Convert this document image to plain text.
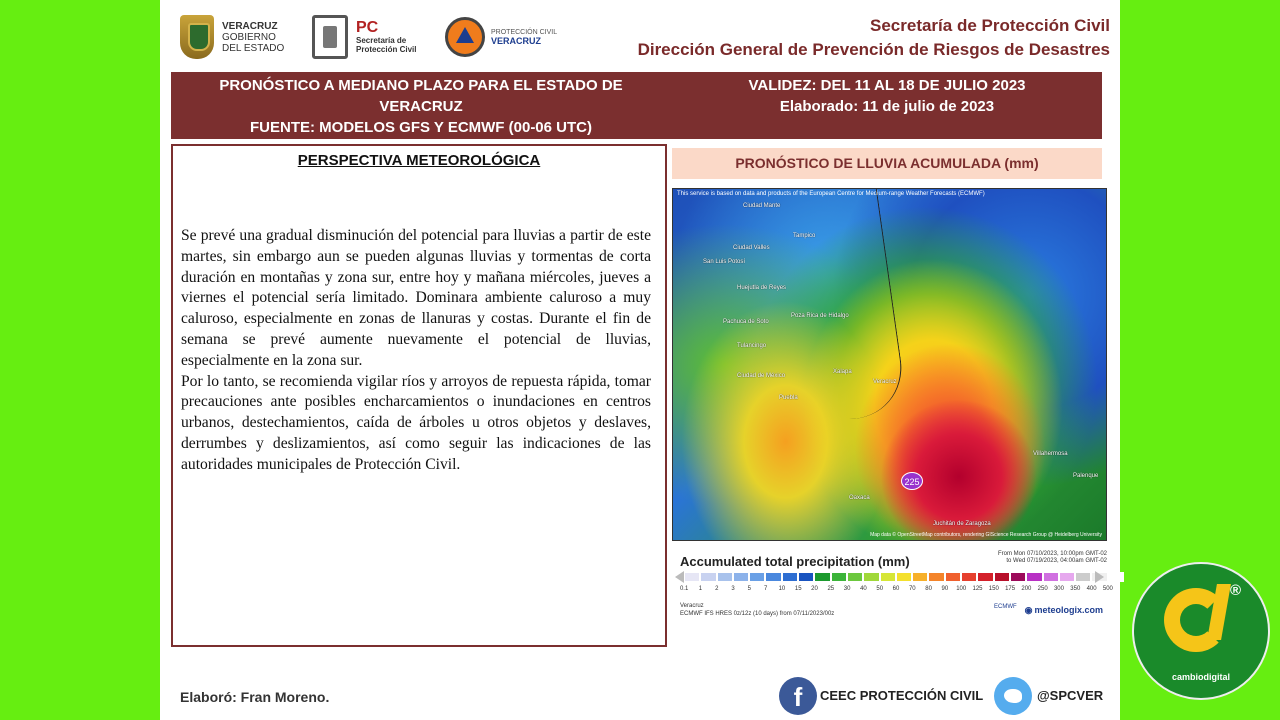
VERACRUZ
GOBIERNO
DEL ESTADO
PC
Secretaría de
Protección Civil
PROTECCIÓN CIVIL
VERACRUZ
Secretaría de Protección Civil
Dirección General de Prevención de Riesgos de Desastres
PRONÓSTICO A MEDIANO PLAZO PARA EL ESTADO DE
VERACRUZ
FUENTE: MODELOS GFS Y ECMWF (00-06 UTC)
VALIDEZ: DEL 11 AL 18 DE JULIO 2023
Elaborado: 11 de julio de 2023
PERSPECTIVA METEOROLÓGICA

Se prevé una gradual disminución del potencial para lluvias a partir de este martes, sin embargo aun se pueden algunas lluvias y tormentas de corta duración en montañas y zona sur, entre hoy y mañana miércoles, jueves a viernes el potencial sería limitado. Dominara ambiente caluroso a muy caluroso, especialmente en zonas de llanuras y costas. Durante el fin de semana se prevé aumente nuevamente el potencial de lluvias, especialmente en la zona sur.

Por lo tanto, se recomienda vigilar ríos y arroyos de repuesta rápida, tomar precauciones ante posibles encharcamientos o inundaciones en centros urbanos, destechamientos, caída de árboles u otros objetos y deslaves, derrumbes y deslizamientos, así como seguir las indicaciones de las autoridades municipales de Protección Civil.

PRONÓSTICO DE LLUVIA ACUMULADA (mm)
This service is based on data and products of the European Centre for Medium-range Weather Forecasts (ECMWF)
Ciudad Mante
Tampico
Ciudad Valles
San Luis Potosí
Huejutla de Reyes
Poza Rica de Hidalgo
Pachuca de Soto
Tulancingo
Ciudad de México
Xalapa
Veracruz
Puebla
Oaxaca
Villahermosa
Juchitán de Zaragoza
Palenque
225
Map data © OpenStreetMap contributors, rendering GIScience Research Group @ Heidelberg University
Accumulated total precipitation (mm)	From Mon 07/10/2023, 10:00pm GMT-02
to Wed 07/19/2023, 04:00am GMT-02
0.1	1	2	3	5	7	10	15	20	25	30	40	50	60	70	80	90	100	125	150	175	200	250	300	350	400	500
Veracruz
ECMWF IFS HRES 0z/12z (10 days) from 07/11/2023/00z
ECMWF
◉	meteologix.com
Elaboró: Fran Moreno.	f	CEEC PROTECCIÓN CIVIL	@SPCVER
cambiodigital
®
